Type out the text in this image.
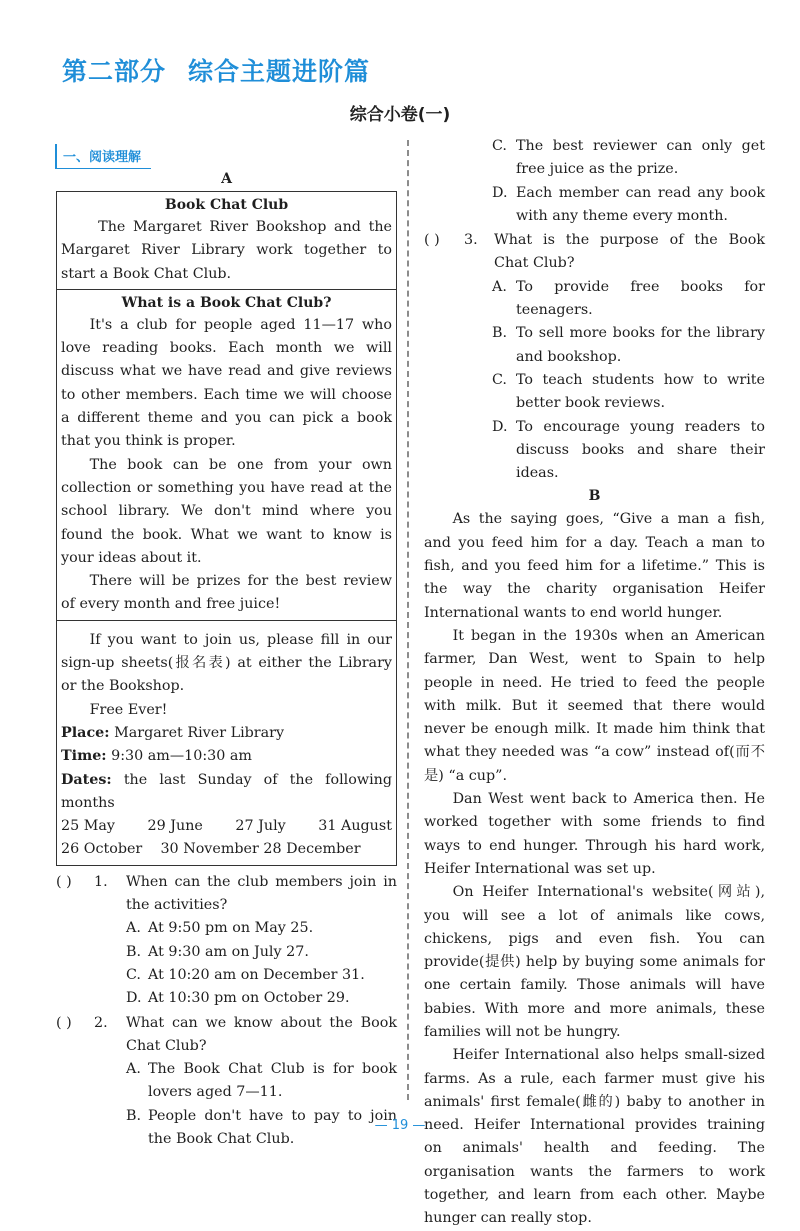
第二部分 综合主题进阶篇
综合小卷(一)
一、阅读理解
A
Book Chat Club

The Margaret River Bookshop and the Margaret River Library work together to start a Book Chat Club.

What is a Book Chat Club?

It's a club for people aged 11—17 who love reading books. Each month we will discuss what we have read and give reviews to other members. Each time we will choose a different theme and you can pick a book that you think is proper.

The book can be one from your own collection or something you have read at the school library. We don't mind where you found the book. What we want to know is your ideas about it.

There will be prizes for the best review of every month and free juice!

If you want to join us, please fill in our sign-up sheets(报名表) at either the Library or the Bookshop.

Free Ever!

Place: Margaret River Library

Time: 9:30 am—10:30 am

Dates: the last Sunday of the following months

25 May 29 June 27 July 31 August
26 October 30 November 28 December
( ) 1. When can the club members join in the activities?
A. At 9:50 pm on May 25.
B. At 9:30 am on July 27.
C. At 10:20 am on December 31.
D. At 10:30 pm on October 29.
( ) 2. What can we know about the Book Chat Club?
A. The Book Chat Club is for book lovers aged 7—11.
B. People don't have to pay to join the Book Chat Club.
C. The best reviewer can only get free juice as the prize.
D. Each member can read any book with any theme every month.
( ) 3. What is the purpose of the Book Chat Club?
A. To provide free books for teenagers.
B. To sell more books for the library and bookshop.
C. To teach students how to write better book reviews.
D. To encourage young readers to discuss books and share their ideas.
B

As the saying goes, “Give a man a fish, and you feed him for a day. Teach a man to fish, and you feed him for a lifetime.” This is the way the charity organisation Heifer International wants to end world hunger.

It began in the 1930s when an American farmer, Dan West, went to Spain to help people in need. He tried to feed the people with milk. But it seemed that there would never be enough milk. It made him think that what they needed was “a cow” instead of(而不是) “a cup”.

Dan West went back to America then. He worked together with some friends to find ways to end hunger. Through his hard work, Heifer International was set up.

On Heifer International's website(网站), you will see a lot of animals like cows, chickens, pigs and even fish. You can provide(提供) help by buying some animals for one certain family. Those animals will have babies. With more and more animals, these families will not be hungry.

Heifer International also helps small-sized farms. As a rule, each farmer must give his animals' first female(雌的) baby to another in need. Heifer International provides training on animals' health and feeding. The organisation wants the farmers to work together, and learn from each other. Maybe hunger can really stop.

— 19 —
